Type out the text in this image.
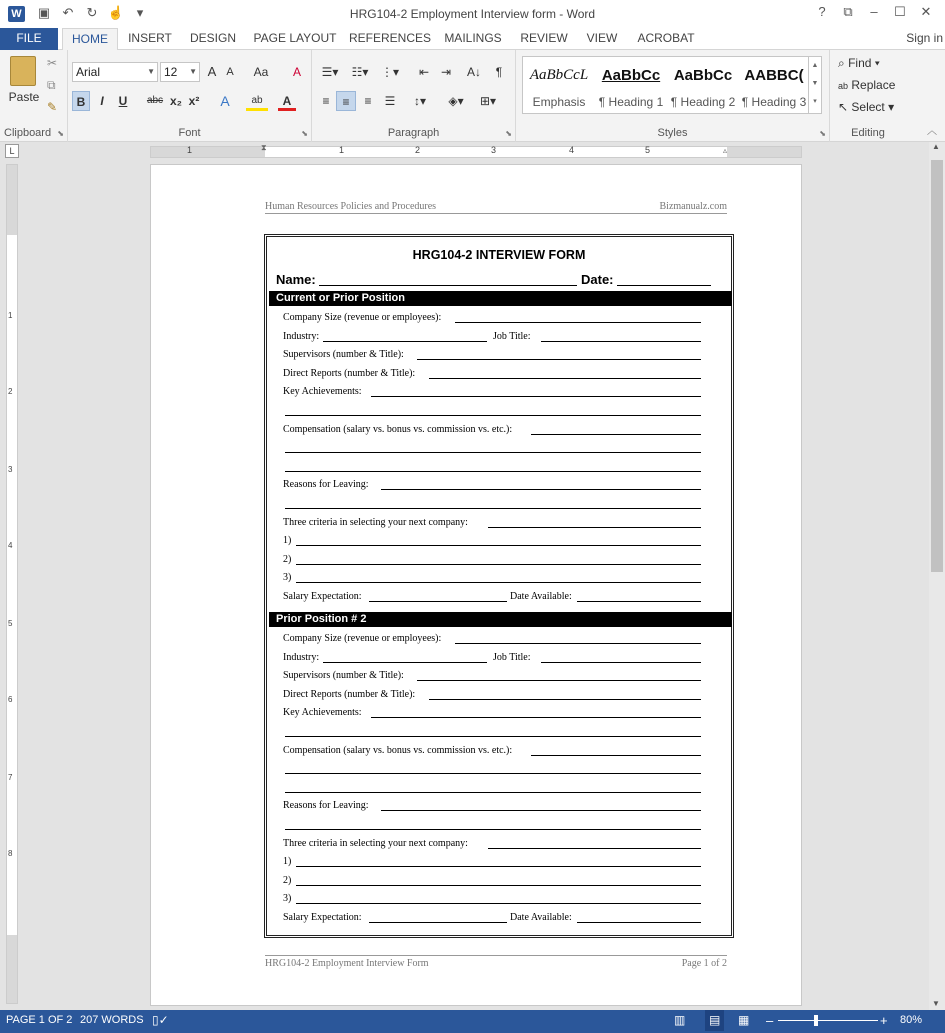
W ▣ ↶	↻ ☝ ▾	HRG104-2 Employment Interview form - Word	?	⧉	–	☐	✕
FILE	HOME	INSERT	DESIGN	PAGE LAYOUT REFERENCES	MAILINGS	REVIEW	VIEW	ACROBAT	Sign in
Paste
✂
⧉
✎
Clipboard ⬊
Arial	▼ 12 ▼ A A	Aa	A
B	I	U	abc x₂ x²	A	ab	A
Font	⬊
☰▾	☷▾	⋮▾	⇤ ⇥	A↓	¶
≡	≡	≡	☰	↕▾	◈▾	⊞▾
Paragraph	⬊	Styles	⬊
AaBbCcL
Emphasis
AaBbCc
¶ Heading 1
AaBbCc
¶ Heading 2
AABBC(
¶ Heading 3
▲
▼
▾
⌕ Find ▾
ab Replace
↖ Select ▾
Editing	︿
L	1	1	2	3	4	5
⧗	▵
1
2
3
4
5
6
7
8
▲
▼
Human Resources Policies and Procedures	Bizmanualz.com
HRG104-2 INTERVIEW FORM
Name:	Date:
Current or Prior Position
Company Size (revenue or employees):
Industry:	Job Title:
Supervisors (number & Title):
Direct Reports (number & Title):
Key Achievements:
Compensation (salary vs. bonus vs. commission vs. etc.):
Reasons for Leaving:
Three criteria in selecting your next company:
1)
2)
3)
Salary Expectation:	Date Available:
Prior Position # 2
Company Size (revenue or employees):
Industry:	Job Title:
Supervisors (number & Title):
Direct Reports (number & Title):
Key Achievements:
Compensation (salary vs. bonus vs. commission vs. etc.):
Reasons for Leaving:
Three criteria in selecting your next company:
1)
2)
3)
Salary Expectation:	Date Available:
HRG104-2 Employment Interview Form	Page 1 of 2
PAGE 1 OF 2 207 WORDS ▯✓	▥	▤	▦ –	+ 80%
